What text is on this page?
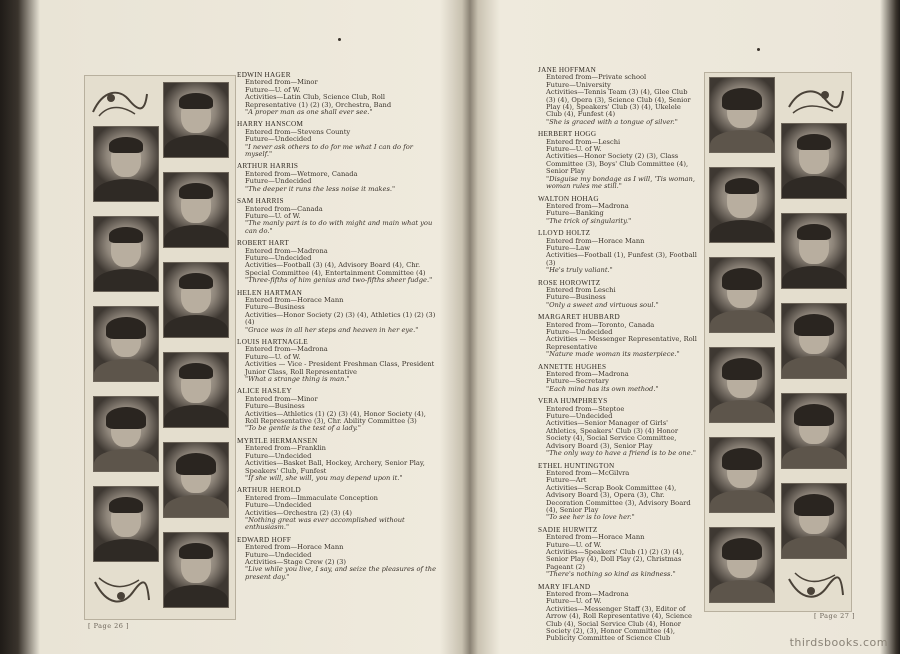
EDWIN HAGER
Entered from—Minor
Future—U. of W.
Activities—Latin Club, Science Club, Roll Representative (1) (2) (3), Orchestra, Band
"A proper man as one shall ever see."
HARRY HANSCOM
Entered from—Stevens County
Future—Undecided
"I never ask others to do for me what I can do for myself."
ARTHUR HARRIS
Entered from—Wetmore, Canada
Future—Undecided
"The deeper it runs the less noise it makes."
SAM HARRIS
Entered from—Canada
Future—U. of W.
"The manly part is to do with might and main what you can do."
ROBERT HART
Entered from—Madrona
Future—Undecided
Activities—Football (3) (4), Advisory Board (4), Chr. Special Committee (4), Entertainment Committee (4)
"Three-fifths of him genius and two-fifths sheer fudge."
HELEN HARTMAN
Entered from—Horace Mann
Future—Business
Activities—Honor Society (2) (3) (4), Athletics (1) (2) (3) (4)
"Grace was in all her steps and heaven in her eye."
LOUIS HARTNAGLE
Entered from—Madrona
Future—U. of W.
Activities — Vice - President Freshman Class, President Junior Class, Roll Representative
"What a strange thing is man."
ALICE HASLEY
Entered from—Minor
Future—Business
Activities—Athletics (1) (2) (3) (4), Honor Society (4), Roll Representative (3), Chr. Ability Committee (3)
"To be gentle is the test of a lady."
MYRTLE HERMANSEN
Entered from—Franklin
Future—Undecided
Activities—Basket Ball, Hockey, Archery, Senior Play, Speakers' Club, Funfest
"If she will, she will, you may depend upon it."
ARTHUR HEROLD
Entered from—Immaculate Conception
Future—Undecided
Activities—Orchestra (2) (3) (4)
"Nothing great was ever accomplished without enthusiasm."
EDWARD HOFF
Entered from—Horace Mann
Future—Undecided
Activities—Stage Crew (2) (3)
"Live while you live, I say, and seize the pleasures of the present day."
[ Page 26 ]
JANE HOFFMAN
Entered from—Private school
Future—University
Activities—Tennis Team (3) (4), Glee Club (3) (4), Opera (3), Science Club (4), Senior Play (4), Speakers' Club (3) (4), Ukelele Club (4), Funfest (4)
"She is graced with a tongue of silver."
HERBERT HOGG
Entered from—Leschi
Future—U. of W.
Activities—Honor Society (2) (3), Class Committee (3), Boys' Club Committee (4), Senior Play
"Disguise my bondage as I will, 'Tis woman, woman rules me still."
WALTON HOHAG
Entered from—Madrona
Future—Banking
"The trick of singularity."
LLOYD HOLTZ
Entered from—Horace Mann
Future—Law
Activities—Football (1), Funfest (3), Football (3)
"He's truly valiant."
ROSE HOROWITZ
Entered from Leschi
Future—Business
"Only a sweet and virtuous soul."
MARGARET HUBBARD
Entered from—Toronto, Canada
Future—Undecided
Activities — Messenger Representative, Roll Representative
"Nature made woman its masterpiece."
ANNETTE HUGHES
Entered from—Madrona
Future—Secretary
"Each mind has its own method."
VERA HUMPHREYS
Entered from—Steptoe
Future—Undecided
Activities—Senior Manager of Girls' Athletics, Speakers' Club (3) (4) Honor Society (4), Social Service Committee, Advisory Board (3), Senior Play
"The only way to have a friend is to be one."
ETHEL HUNTINGTON
Entered from—McGilvra
Future—Art
Activities—Scrap Book Committee (4), Advisory Board (3), Opera (3), Chr. Decoration Committee (3), Advisory Board (4), Senior Play
"To see her is to love her."
SADIE HURWITZ
Entered from—Horace Mann
Future—U. of W.
Activities—Speakers' Club (1) (2) (3) (4), Senior Play (4), Doll Play (2), Christmas Pageant (2)
"There's nothing so kind as kindness."
MARY IFLAND
Entered from—Madrona
Future—U. of W.
Activities—Messenger Staff (3), Editor of Arrow (4), Roll Representative (4), Science Club (4), Social Service Club (4), Honor Society (2), (3), Honor Committee (4), Publicity Committee of Science Club
[ Page 27 ]
thirdsbooks.com
